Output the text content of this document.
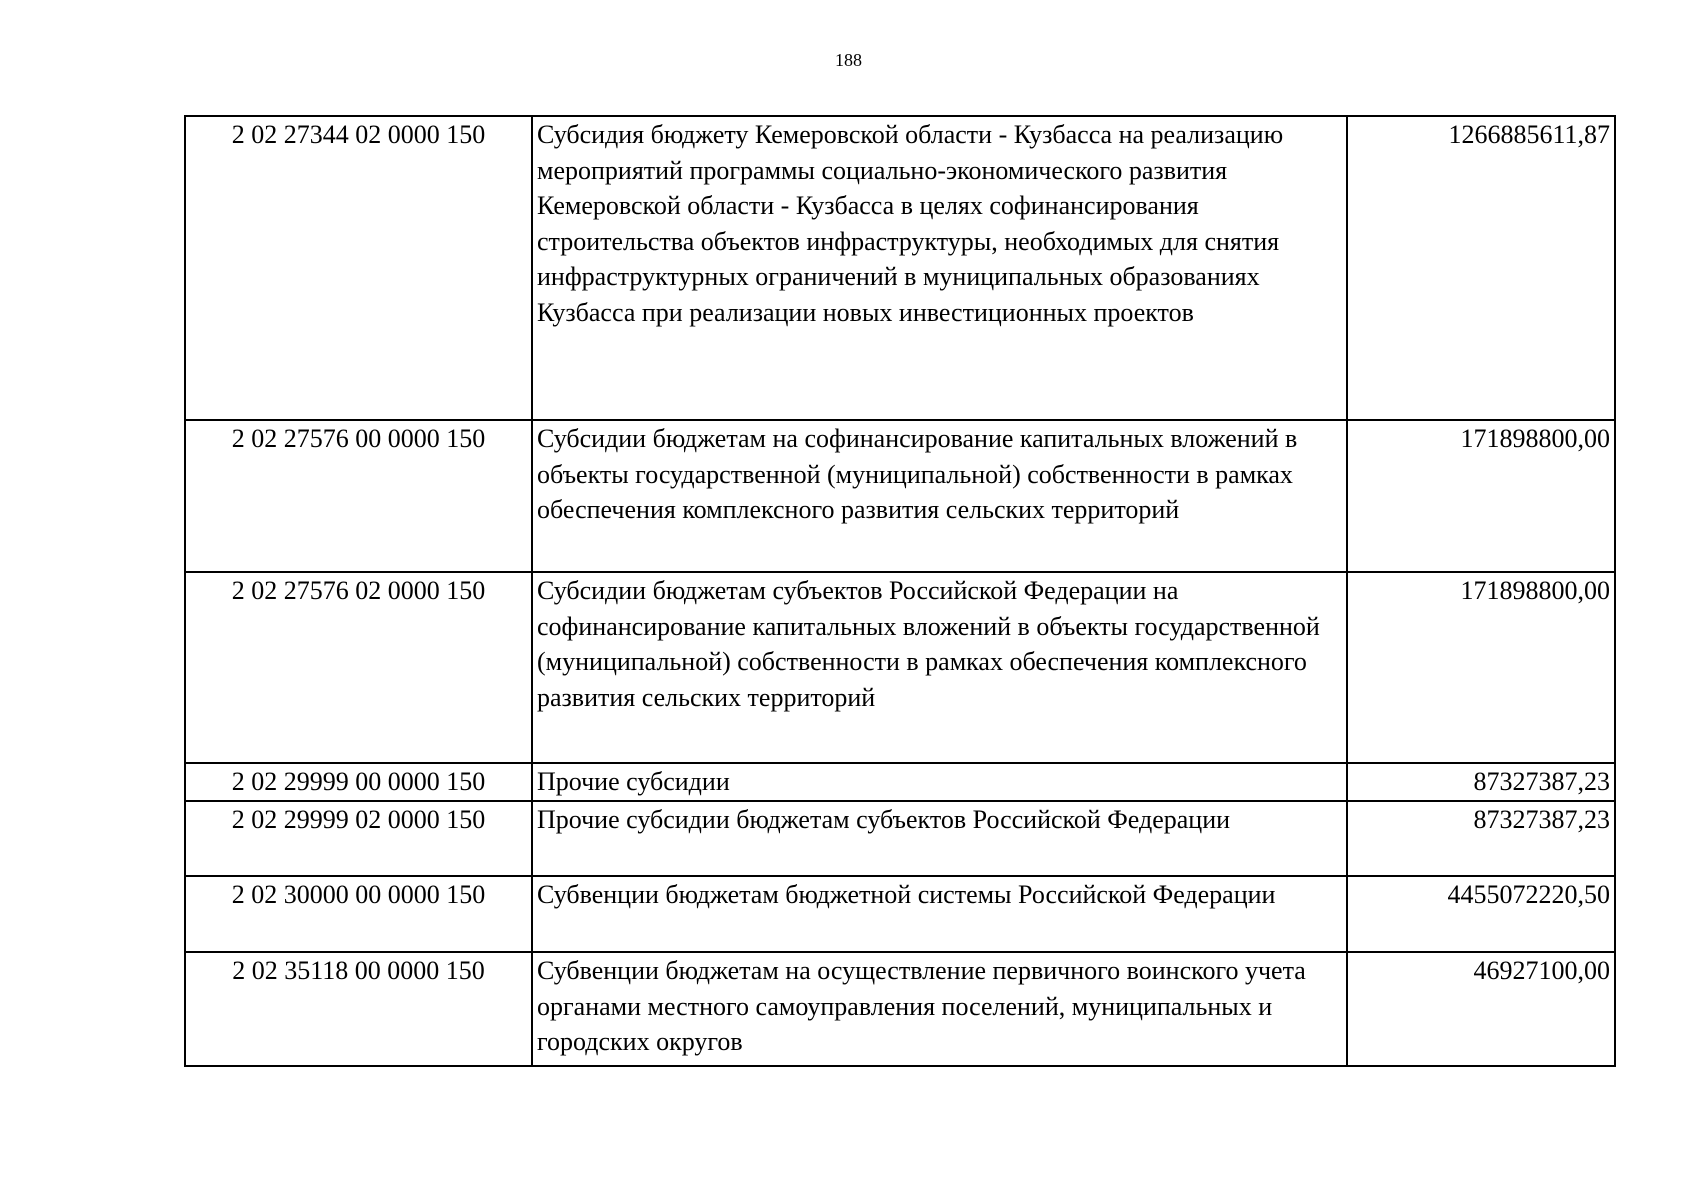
188
2 02 27344 02 0000 150	Субсидия бюджету Кемеровской области - Кузбасса на реализацию мероприятий программы социально-экономического развития Кемеровской области - Кузбасса в целях софинансирования строительства объектов инфраструктуры, необходимых для снятия инфраструктурных ограничений в муниципальных образованиях Кузбасса при реализации новых инвестиционных проектов	1266885611,87
2 02 27576 00 0000 150	Субсидии бюджетам на софинансирование капитальных вложений в объекты государственной (муниципальной) собственности в рамках обеспечения комплексного развития сельских территорий	171898800,00
2 02 27576 02 0000 150	Субсидии бюджетам субъектов Российской Федерации на софинансирование капитальных вложений в объекты государственной (муниципальной) собственности в рамках обеспечения комплексного развития сельских территорий	171898800,00
2 02 29999 00 0000 150	Прочие субсидии	87327387,23
2 02 29999 02 0000 150	Прочие субсидии бюджетам субъектов Российской Федерации	87327387,23
2 02 30000 00 0000 150	Субвенции бюджетам бюджетной системы Российской Федерации	4455072220,50
2 02 35118 00 0000 150	Субвенции бюджетам на осуществление первичного воинского учета органами местного самоуправления поселений, муниципальных и городских округов	46927100,00
